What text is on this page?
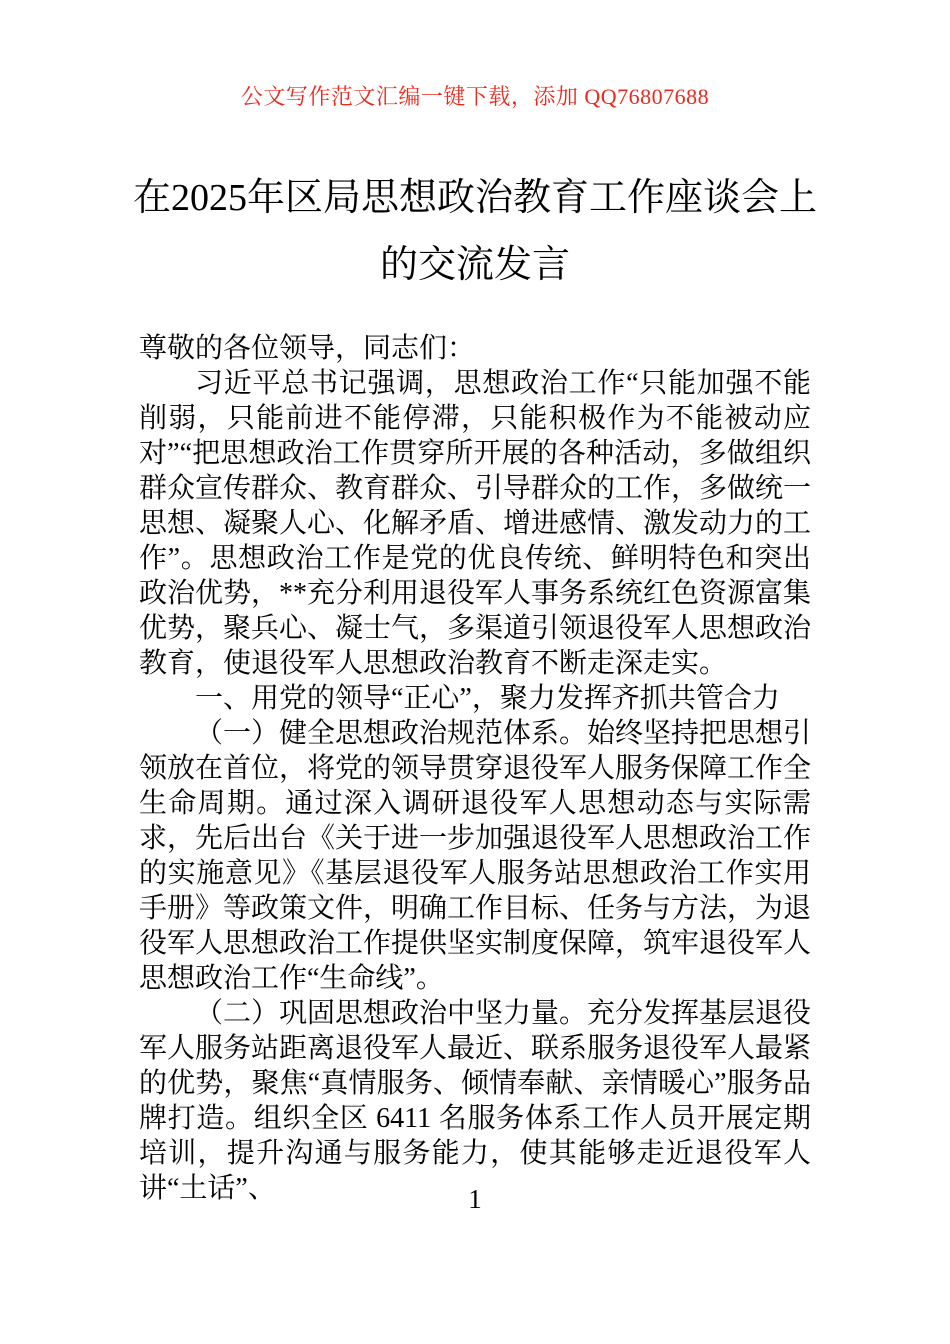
公文写作范文汇编一键下载，添加 QQ76807688
在2025年区局思想政治教育工作座谈会上的交流发言

尊敬的各位领导，同志们：

习近平总书记强调，思想政治工作“只能加强不能削弱，只能前进不能停滞，只能积极作为不能被动应对”“把思想政治工作贯穿所开展的各种活动，多做组织群众宣传群众、教育群众、引导群众的工作，多做统一思想、凝聚人心、化解矛盾、增进感情、激发动力的工作”。思想政治工作是党的优良传统、鲜明特色和突出政治优势，**充分利用退役军人事务系统红色资源富集优势，聚兵心、凝士气，多渠道引领退役军人思想政治教育，使退役军人思想政治教育不断走深走实。

一、用党的领导“正心”，聚力发挥齐抓共管合力

（一）健全思想政治规范体系。始终坚持把思想引领放在首位，将党的领导贯穿退役军人服务保障工作全生命周期。通过深入调研退役军人思想动态与实际需求，先后出台《关于进一步加强退役军人思想政治工作的实施意见》《基层退役军人服务站思想政治工作实用手册》等政策文件，明确工作目标、任务与方法，为退役军人思想政治工作提供坚实制度保障，筑牢退役军人思想政治工作“生命线”。

（二）巩固思想政治中坚力量。充分发挥基层退役军人服务站距离退役军人最近、联系服务退役军人最紧的优势，聚焦“真情服务、倾情奉献、亲情暖心”服务品牌打造。组织全区 6411 名服务体系工作人员开展定期培训，提升沟通与服务能力，使其能够走近退役军人讲“土话”、	1
